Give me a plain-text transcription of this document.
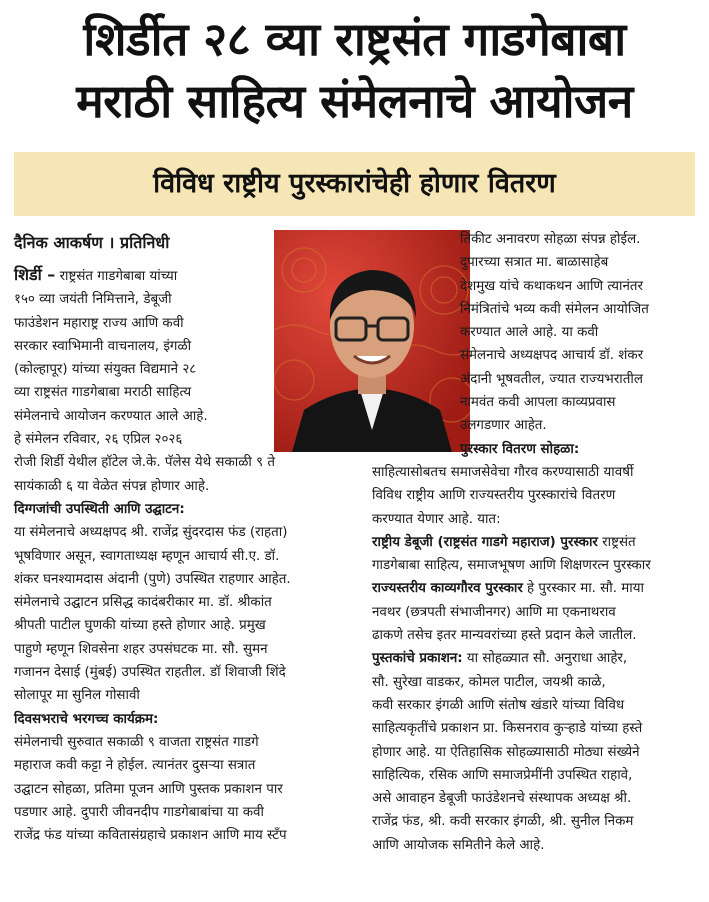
शिर्डीत २८ व्या राष्ट्रसंत गाडगेबाबा
मराठी साहित्य संमेलनाचे आयोजन
विविध राष्ट्रीय पुरस्कारांचेही होणार वितरण
दैनिक आकर्षण । प्रतिनिधी

शिर्डी – राष्ट्रसंत गाडगेबाबा यांच्या

१५० व्या जयंती निमित्ताने, डेबूजी

फाउंडेशन महाराष्ट्र राज्य आणि कवी

सरकार स्वाभिमानी वाचनालय, इंगळी

(कोल्हापूर) यांच्या संयुक्त विद्यमाने २८

व्या राष्ट्रसंत गाडगेबाबा मराठी साहित्य

संमेलनाचे आयोजन करण्यात आले आहे.

हे संमेलन रविवार, २६ एप्रिल २०२६

रोजी शिर्डी येथील हॉटेल जे.के. पॅलेस येथे सकाळी ९ ते

सायंकाळी ६ या वेळेत संपन्न होणार आहे.

दिग्गजांची उपस्थिती आणि उद्घाटन:

या संमेलनाचे अध्यक्षपद श्री. राजेंद्र सुंदरदास फंड (राहता)

भूषविणार असून, स्वागताध्यक्ष म्हणून आचार्य सी.ए. डॉ.

शंकर घनश्यामदास अंदानी (पुणे) उपस्थित राहणार आहेत.

संमेलनाचे उद्घाटन प्रसिद्ध कादंबरीकार मा. डॉ. श्रीकांत

श्रीपती पाटील घुणकी यांच्या हस्ते होणार आहे. प्रमुख

पाहुणे म्हणून शिवसेना शहर उपसंघटक मा. सौ. सुमन

गजानन देसाई (मुंबई) उपस्थित राहतील. डॉ शिवाजी शिंदे

सोलापूर मा सुनिल गोसावी

दिवसभराचे भरगच्च कार्यक्रम:

संमेलनाची सुरुवात सकाळी ९ वाजता राष्ट्रसंत गाडगे

महाराज कवी कट्टा ने होईल. त्यानंतर दुसऱ्या सत्रात

उद्घाटन सोहळा, प्रतिमा पूजन आणि पुस्तक प्रकाशन पार

पडणार आहे. दुपारी जीवनदीप गाडगेबाबांचा या कवी

राजेंद्र फंड यांच्या कवितासंग्रहाचे प्रकाशन आणि माय स्टँप

तिकीट अनावरण सोहळा संपन्न होईल.

दुपारच्या सत्रात मा. बाळासाहेब

देशमुख यांचे कथाकथन आणि त्यानंतर

निमंत्रितांचे भव्य कवी संमेलन आयोजित

करण्यात आले आहे. या कवी

संमेलनाचे अध्यक्षपद आचार्य डॉ. शंकर

अंदानी भूषवतील, ज्यात राज्यभरातील

नामवंत कवी आपला काव्यप्रवास

उलगडणार आहेत.

पुरस्कार वितरण सोहळा:

साहित्यासोबतच समाजसेवेचा गौरव करण्यासाठी यावर्षी

विविध राष्ट्रीय आणि राज्यस्तरीय पुरस्कारांचे वितरण

करण्यात येणार आहे. यात:

राष्ट्रीय डेबूजी (राष्ट्रसंत गाडगे महाराज) पुरस्कार राष्ट्रसंत

गाडगेबाबा साहित्य, समाजभूषण आणि शिक्षणरत्न पुरस्कार

राज्यस्तरीय काव्यगौरव पुरस्कार हे पुरस्कार मा. सौ. माया

नवथर (छत्रपती संभाजीनगर) आणि मा एकनाथराव

ढाकणे तसेच इतर मान्यवरांच्या हस्ते प्रदान केले जातील.

पुस्तकांचे प्रकाशन: या सोहळ्यात सौ. अनुराधा आहेर,

सौ. सुरेखा वाडकर, कोमल पाटील, जयश्री काळे,

कवी सरकार इंगळी आणि संतोष खंडारे यांच्या विविध

साहित्यकृतींचे प्रकाशन प्रा. किसनराव कुऱ्हाडे यांच्या हस्ते

होणार आहे. या ऐतिहासिक सोहळ्यासाठी मोठ्या संख्येने

साहित्यिक, रसिक आणि समाजप्रेमींनी उपस्थित राहावे,

असे आवाहन डेबूजी फाउंडेशनचे संस्थापक अध्यक्ष श्री.

राजेंद्र फंड, श्री. कवी सरकार इंगळी, श्री. सुनील निकम

आणि आयोजक समितीने केले आहे.
